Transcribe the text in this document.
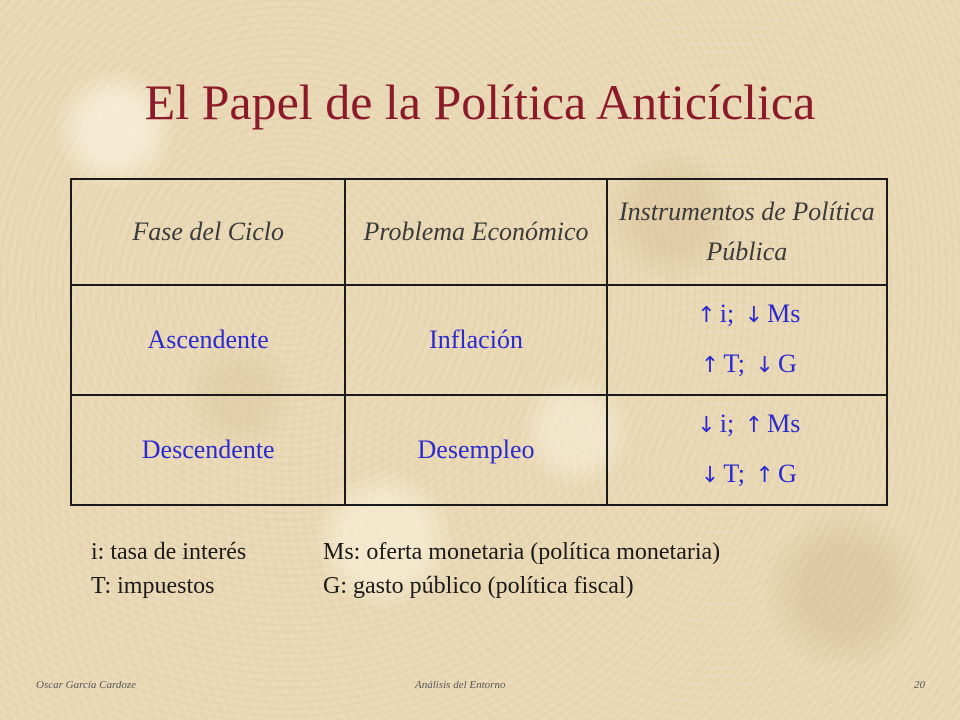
El Papel de la Política Anticíclica
Fase del Ciclo	Problema Económico	Instrumentos de Política Pública
Ascendente	Inflación	↑ i; ↓ Ms
↑ T; ↓ G

Descendente	Desempleo	↓ i; ↑ Ms
↓ T; ↑ G
i: tasa de interés	Ms: oferta monetaria (política monetaria)
T: impuestos	G: gasto público (política fiscal)
Oscar García Cardoze	Análisis del Entorno	20
